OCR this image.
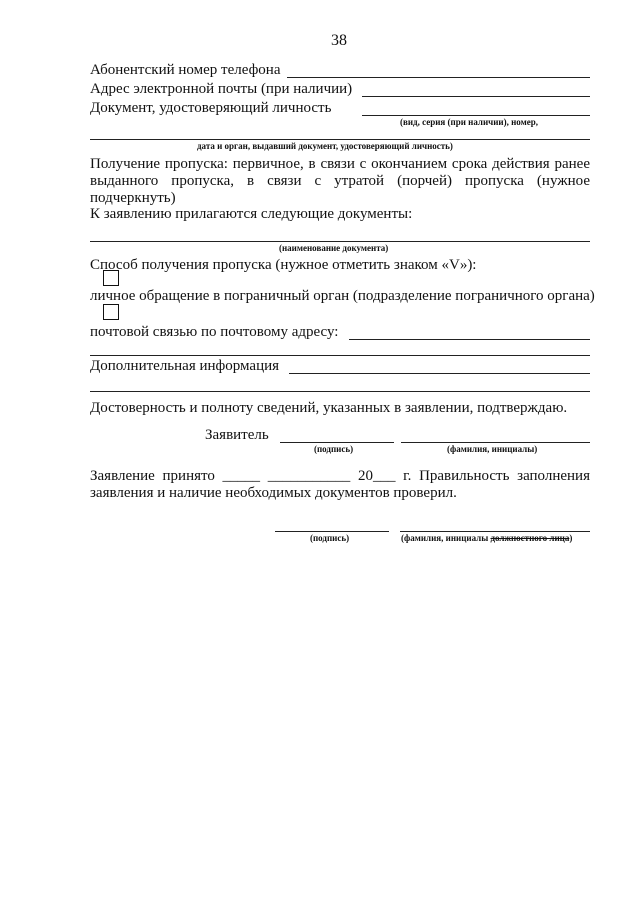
38
Абонентский номер телефона
Адрес электронной почты (при наличии)
Документ, удостоверяющий личность
(вид, серия (при наличии), номер,
дата и орган, выдавший документ, удостоверяющий личность)
Получение пропуска: первичное, в связи с окончанием срока действия ранее
выданного пропуска, в связи с утратой (порчей) пропуска (нужное
подчеркнуть)
К заявлению прилагаются следующие документы:
(наименование документа)
Способ получения пропуска (нужное отметить знаком «V»):
личное обращение в пограничный орган (подразделение пограничного органа)
почтовой связью по почтовому адресу:
Дополнительная информация
Достоверность и полноту сведений, указанных в заявлении, подтверждаю.
Заявитель
(подпись)	(фамилия, инициалы)
Заявление принято _____ ___________ 20___ г. Правильность заполнения
заявления и наличие необходимых документов проверил.
(подпись)	(фамилия, инициалы должностного лица)
